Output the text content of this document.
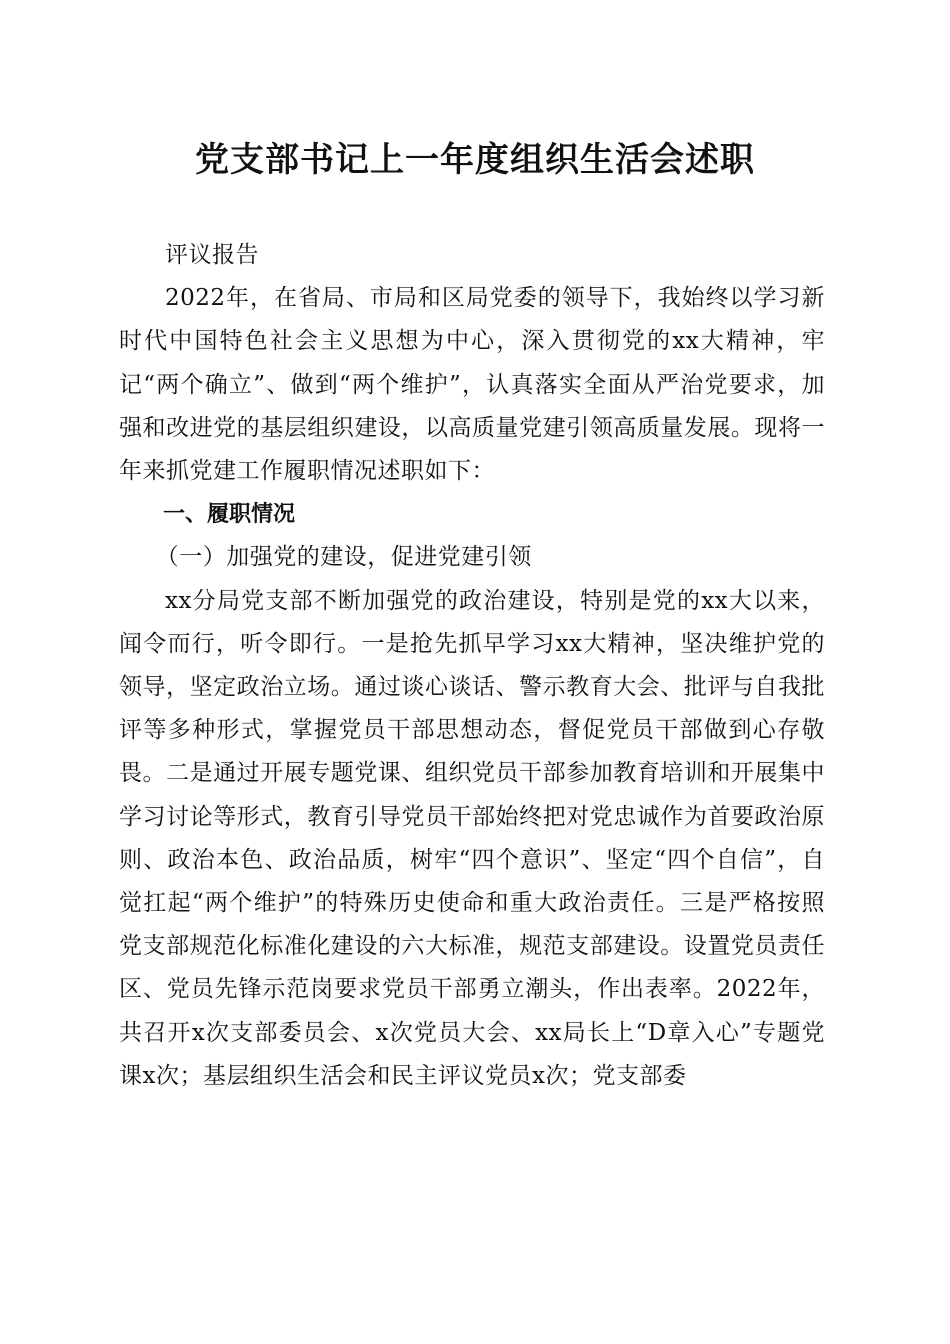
党支部书记上一年度组织生活会述职

评议报告

2022年，在省局、市局和区局党委的领导下，我始终以学习新时代中国特色社会主义思想为中心，深入贯彻党的xx大精神，牢记“两个确立”、做到“两个维护”，认真落实全面从严治党要求，加强和改进党的基层组织建设，以高质量党建引领高质量发展。现将一年来抓党建工作履职情况述职如下：

一、履职情况

（一）加强党的建设，促进党建引领

xx分局党支部不断加强党的政治建设，特别是党的xx大以来，闻令而行，听令即行。一是抢先抓早学习xx大精神，坚决维护党的领导，坚定政治立场。通过谈心谈话、警示教育大会、批评与自我批评等多种形式，掌握党员干部思想动态，督促党员干部做到心存敬畏。二是通过开展专题党课、组织党员干部参加教育培训和开展集中学习讨论等形式，教育引导党员干部始终把对党忠诚作为首要政治原则、政治本色、政治品质，树牢“四个意识”、坚定“四个自信”，自觉扛起“两个维护”的特殊历史使命和重大政治责任。三是严格按照党支部规范化标准化建设的六大标准，规范支部建设。设置党员责任区、党员先锋示范岗要求党员干部勇立潮头，作出表率。2022年，共召开x次支部委员会、x次党员大会、xx局长上“D章入心”专题党课x次；基层组织生活会和民主评议党员x次；党支部委
